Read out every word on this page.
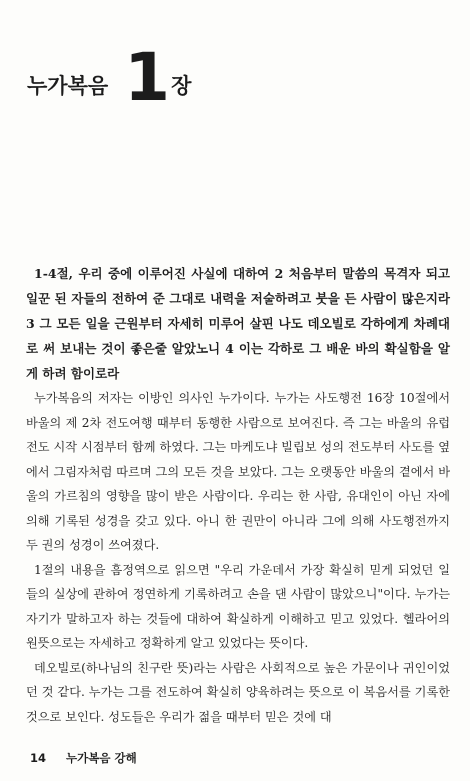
누가복음 1 장

1-4절, 우리 중에 이루어진 사실에 대하여 2 처음부터 말씀의 목격자 되고 일꾼 된 자들의 전하여 준 그대로 내력을 저술하려고 붓을 든 사람이 많은지라 3 그 모든 일을 근원부터 자세히 미루어 살핀 나도 데오빌로 각하에게 차례대로 써 보내는 것이 좋은줄 알았노니 4 이는 각하로 그 배운 바의 확실함을 알게 하려 함이로라

누가복음의 저자는 이방인 의사인 누가이다. 누가는 사도행전 16장 10절에서 바울의 제 2차 전도여행 때부터 동행한 사람으로 보여진다. 즉 그는 바울의 유럽 전도 시작 시점부터 함께 하였다. 그는 마케도냐 빌립보 성의 전도부터 사도를 옆에서 그림자처럼 따르며 그의 모든 것을 보았다. 그는 오랫동안 바울의 곁에서 바울의 가르침의 영향을 많이 받은 사람이다. 우리는 한 사람, 유대인이 아닌 자에 의해 기록된 성경을 갖고 있다. 아니 한 권만이 아니라 그에 의해 사도행전까지 두 권의 성경이 쓰여졌다.

1절의 내용을 흠정역으로 읽으면 "우리 가운데서 가장 확실히 믿게 되었던 일들의 실상에 관하여 정연하게 기록하려고 손을 댄 사람이 많았으니"이다. 누가는 자기가 말하고자 하는 것들에 대하여 확실하게 이해하고 믿고 있었다. 헬라어의 원뜻으로는 자세하고 정확하게 알고 있었다는 뜻이다.

데오빌로(하나님의 친구란 뜻)라는 사람은 사회적으로 높은 가문이나 귀인이었던 것 같다. 누가는 그를 전도하여 확실히 양육하려는 뜻으로 이 복음서를 기록한 것으로 보인다. 성도들은 우리가 젊을 때부터 믿은 것에 대

14 누가복음 강해
